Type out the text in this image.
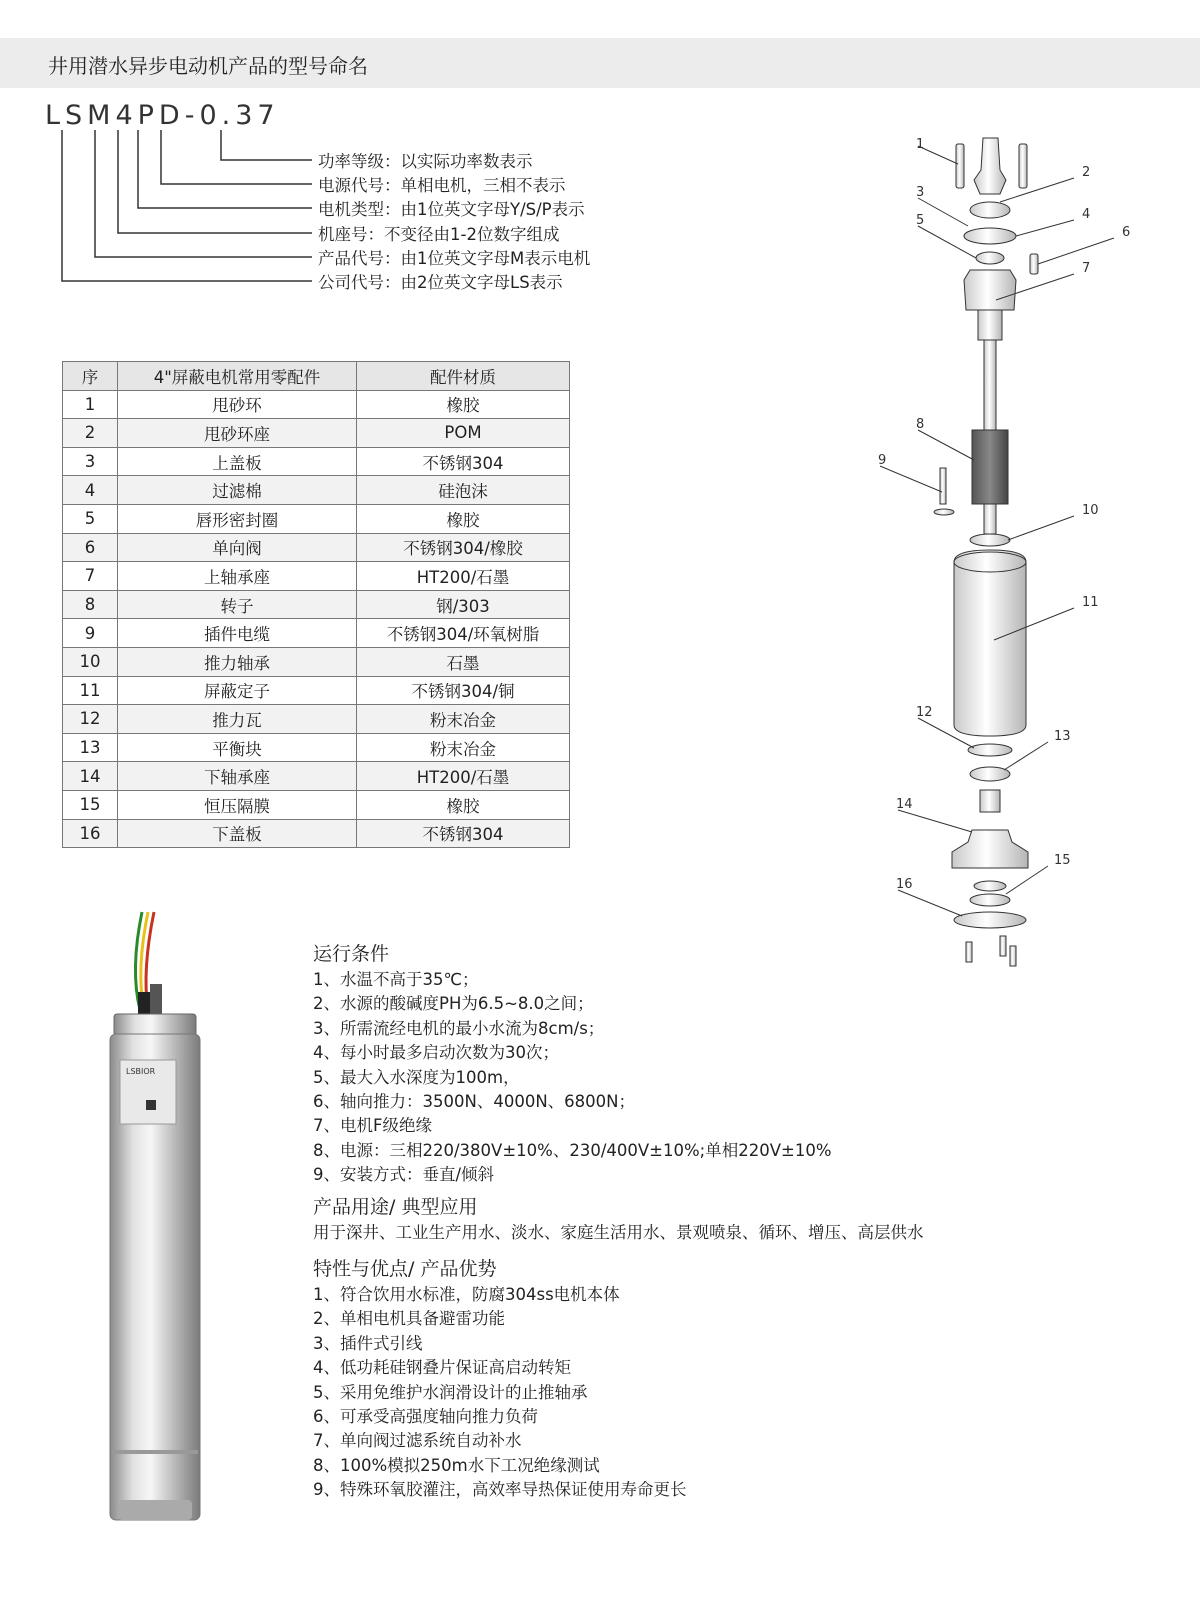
井用潜水异步电动机产品的型号命名
LSM4PD-0.37
功率等级：以实际功率数表示
电源代号：单相电机，三相不表示
电机类型：由1位英文字母Y/S/P表示
机座号：不变径由1-2位数字组成
产品代号：由1位英文字母M表示电机
公司代号：由2位英文字母LS表示
序	4"屏蔽电机常用零配件	配件材质
1	甩砂环	橡胶
2	甩砂环座	POM
3	上盖板	不锈钢304
4	过滤棉	硅泡沫
5	唇形密封圈	橡胶
6	单向阀	不锈钢304/橡胶
7	上轴承座	HT200/石墨
8	转子	钢/303
9	插件电缆	不锈钢304/环氧树脂
10	推力轴承	石墨
11	屏蔽定子	不锈钢304/铜
12	推力瓦	粉末冶金
13	平衡块	粉末冶金
14	下轴承座	HT200/石墨
15	恒压隔膜	橡胶
16	下盖板	不锈钢304
1
2
3
4
5
6
7
8
9
10
11
12
13
14
15
16
LSBIOR
运行条件
1、水温不高于35℃；
2、水源的酸碱度PH为6.5~8.0之间；
3、所需流经电机的最小水流为8cm/s；
4、每小时最多启动次数为30次；
5、最大入水深度为100m，
6、轴向推力：3500N、4000N、6800N；
7、电机F级绝缘
8、电源：三相220/380V±10%、230/400V±10%;单相220V±10%
9、安装方式：垂直/倾斜
产品用途/ 典型应用
用于深井、工业生产用水、淡水、家庭生活用水、景观喷泉、循环、增压、高层供水
特性与优点/ 产品优势
1、符合饮用水标准，防腐304ss电机本体
2、单相电机具备避雷功能
3、插件式引线
4、低功耗硅钢叠片保证高启动转矩
5、采用免维护水润滑设计的止推轴承
6、可承受高强度轴向推力负荷
7、单向阀过滤系统自动补水
8、100%模拟250m水下工况绝缘测试
9、特殊环氧胶灌注，高效率导热保证使用寿命更长
